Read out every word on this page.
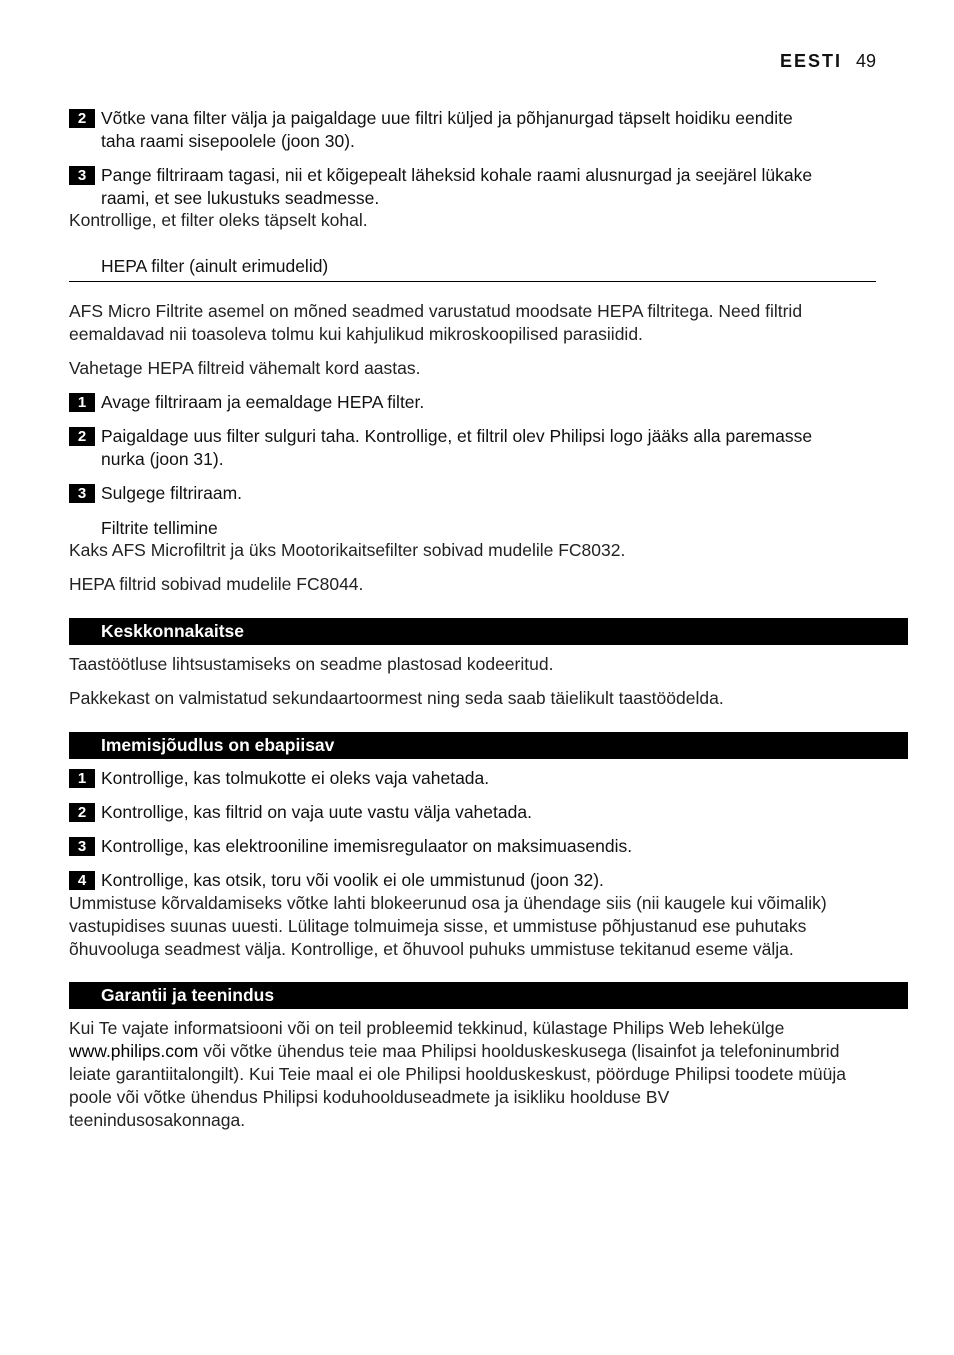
EESTI 49
2 Võtke vana filter välja ja paigaldage uue filtri küljed ja põhjanurgad täpselt hoidiku eendite
taha raami sisepoolele (joon 30).
3 Pange filtriraam tagasi, nii et kõigepealt läheksid kohale raami alusnurgad ja seejärel lükake
raami, et see lukustuks seadmesse.
Kontrollige, et filter oleks täpselt kohal.
HEPA filter (ainult erimudelid)
AFS Micro Filtrite asemel on mõned seadmed varustatud moodsate HEPA filtritega. Need filtrid
eemaldavad nii toasoleva tolmu kui kahjulikud mikroskoopilised parasiidid.
Vahetage HEPA filtreid vähemalt kord aastas.
1 Avage filtriraam ja eemaldage HEPA filter.
2 Paigaldage uus filter sulguri taha. Kontrollige, et filtril olev Philipsi logo jääks alla paremasse
nurka (joon 31).
3 Sulgege filtriraam.
Filtrite tellimine
Kaks AFS Microfiltrit ja üks Mootorikaitsefilter sobivad mudelile FC8032.
HEPA filtrid sobivad mudelile FC8044.
Keskkonnakaitse
Taastöötluse lihtsustamiseks on seadme plastosad kodeeritud.
Pakkekast on valmistatud sekundaartoormest ning seda saab täielikult taastöödelda.
Imemisjõudlus on ebapiisav
1 Kontrollige, kas tolmukotte ei oleks vaja vahetada.
2 Kontrollige, kas filtrid on vaja uute vastu välja vahetada.
3 Kontrollige, kas elektrooniline imemisregulaator on maksimuasendis.
4 Kontrollige, kas otsik, toru või voolik ei ole ummistunud (joon 32).
Ummistuse kõrvaldamiseks võtke lahti blokeerunud osa ja ühendage siis (nii kaugele kui võimalik)
vastupidises suunas uuesti. Lülitage tolmuimeja sisse, et ummistuse põhjustanud ese puhutaks
õhuvooluga seadmest välja. Kontrollige, et õhuvool puhuks ummistuse tekitanud eseme välja.
Garantii ja teenindus
Kui Te vajate informatsiooni või on teil probleemid tekkinud, külastage Philips Web lehekülge
www.philips.com või võtke ühendus teie maa Philipsi hoolduskeskusega (lisainfot ja telefoninumbrid
leiate garantiitalongilt). Kui Teie maal ei ole Philipsi hoolduskeskust, pöörduge Philipsi toodete müüja
poole või võtke ühendus Philipsi koduhoolduseadmete ja isikliku hoolduse BV
teenindusosakonnaga.
